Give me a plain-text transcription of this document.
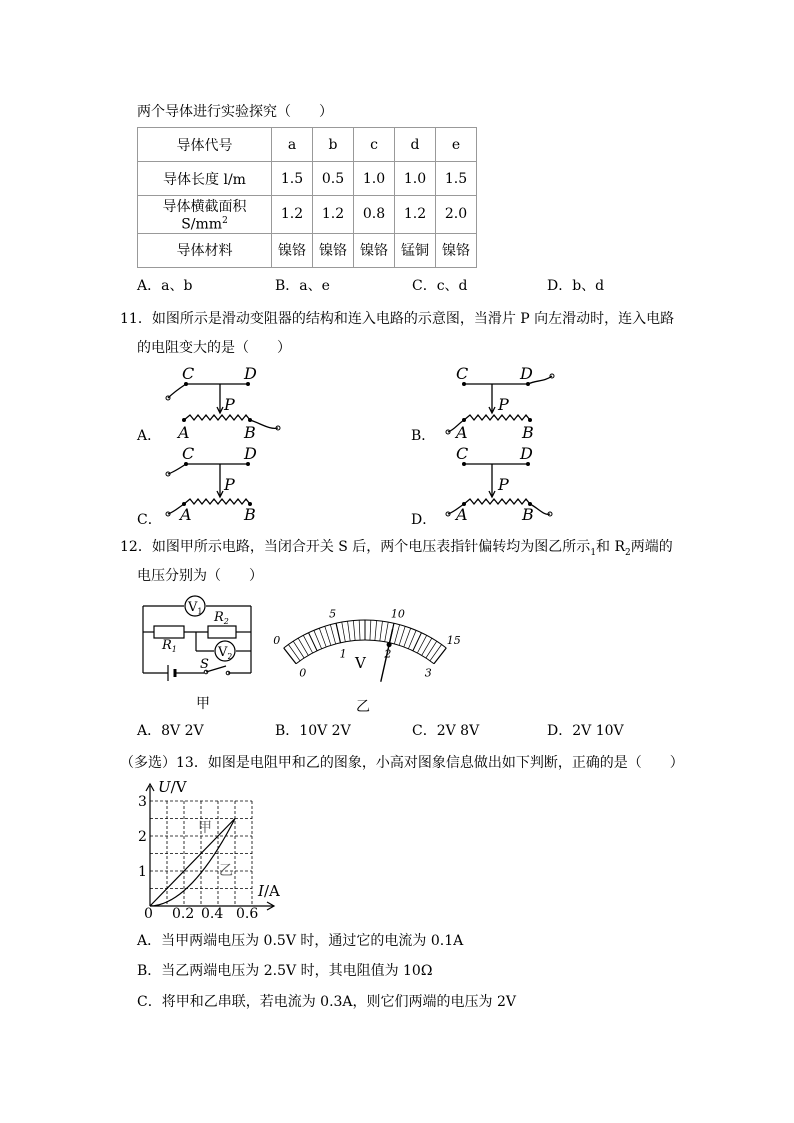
两个导体进行实验探究（　　）
导体代号	a	b	c	d	e
导体长度 l/m	1.5	0.5	1.0	1.0	1.5
导体横截面积 $S/mm^2$	1.2	1.2	0.8	1.2	2.0
导体材料	镍铬	镍铬	镍铬	锰铜	镍铬
A．a、b	B．a、e	C．c、d	D．b、d
11．如图所示是滑动变阻器的结构和连入电路的示意图，当滑片 P 向左滑动时，连入电路
的电阻变大的是（　　）
A．	B．
C．	D．
C	D
P
A	B
C	D
P
A	B
C	D
P
A	B
C	D
P
A	B
12．如图甲所示电路，当闭合开关 S 后，两个电压表指针偏转均为图乙所示$_1$和 $R_2$两端的
电压分别为（　　）
$V_1$
$V_2$
$R_1$
$R_2$
S
甲
0
5	10
15
0
1	2
3
V
乙
A．8V 2V	B．10V 2V	C．2V 8V	D．2V 10V
（多选）13．如图是电阻甲和乙的图象，小高对图象信息做出如下判断，正确的是（　　）
U/V
I/A
1
2
3
0 0.2 0.4 0.6
甲
乙
A．当甲两端电压为 0.5V 时，通过它的电流为 0.1A
B．当乙两端电压为 2.5V 时，其电阻值为 10Ω
C．将甲和乙串联，若电流为 0.3A，则它们两端的电压为 2V
